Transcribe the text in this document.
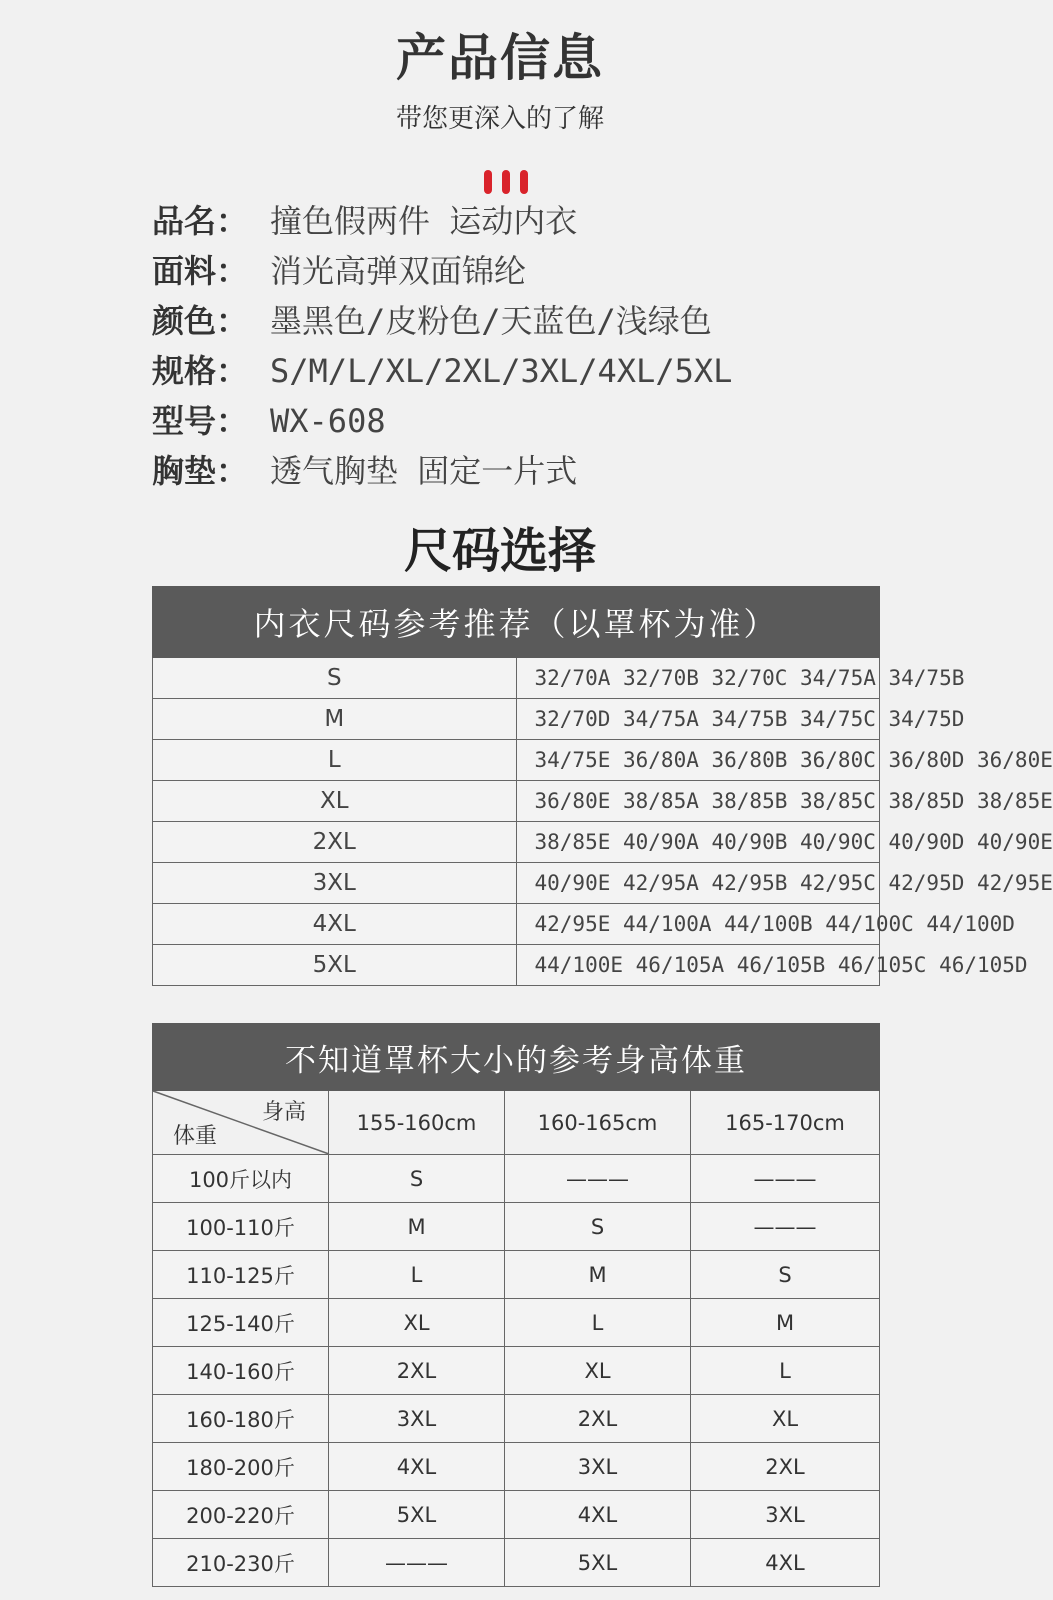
产品信息
带您更深入的了解
品名： 撞色假两件 运动内衣
面料： 消光高弹双面锦纶
颜色： 墨黑色/皮粉色/天蓝色/浅绿色
规格： S/M/L/XL/2XL/3XL/4XL/5XL
型号： WX-608
胸垫： 透气胸垫 固定一片式
尺码选择
内衣尺码参考推荐（以罩杯为准）	
S	32/70A 32/70B 32/70C 34/75A 34/75B
M	32/70D 34/75A 34/75B 34/75C 34/75D
L	34/75E 36/80A 36/80B 36/80C 36/80D 36/80E
XL	36/80E 38/85A 38/85B 38/85C 38/85D 38/85E
2XL	38/85E 40/90A 40/90B 40/90C 40/90D 40/90E
3XL	40/90E 42/95A 42/95B 42/95C 42/95D 42/95E
4XL	42/95E 44/100A 44/100B 44/100C 44/100D
5XL	44/100E 46/105A 46/105B 46/105C 46/105D
不知道罩杯大小的参考身高体重			

身高
体重	155-160cm	160-165cm	165-170cm
100斤以内	S	———	———
100-110斤	M	S	———
110-125斤	L	M	S
125-140斤	XL	L	M
140-160斤	2XL	XL	L
160-180斤	3XL	2XL	XL
180-200斤	4XL	3XL	2XL
200-220斤	5XL	4XL	3XL
210-230斤	———	5XL	4XL
